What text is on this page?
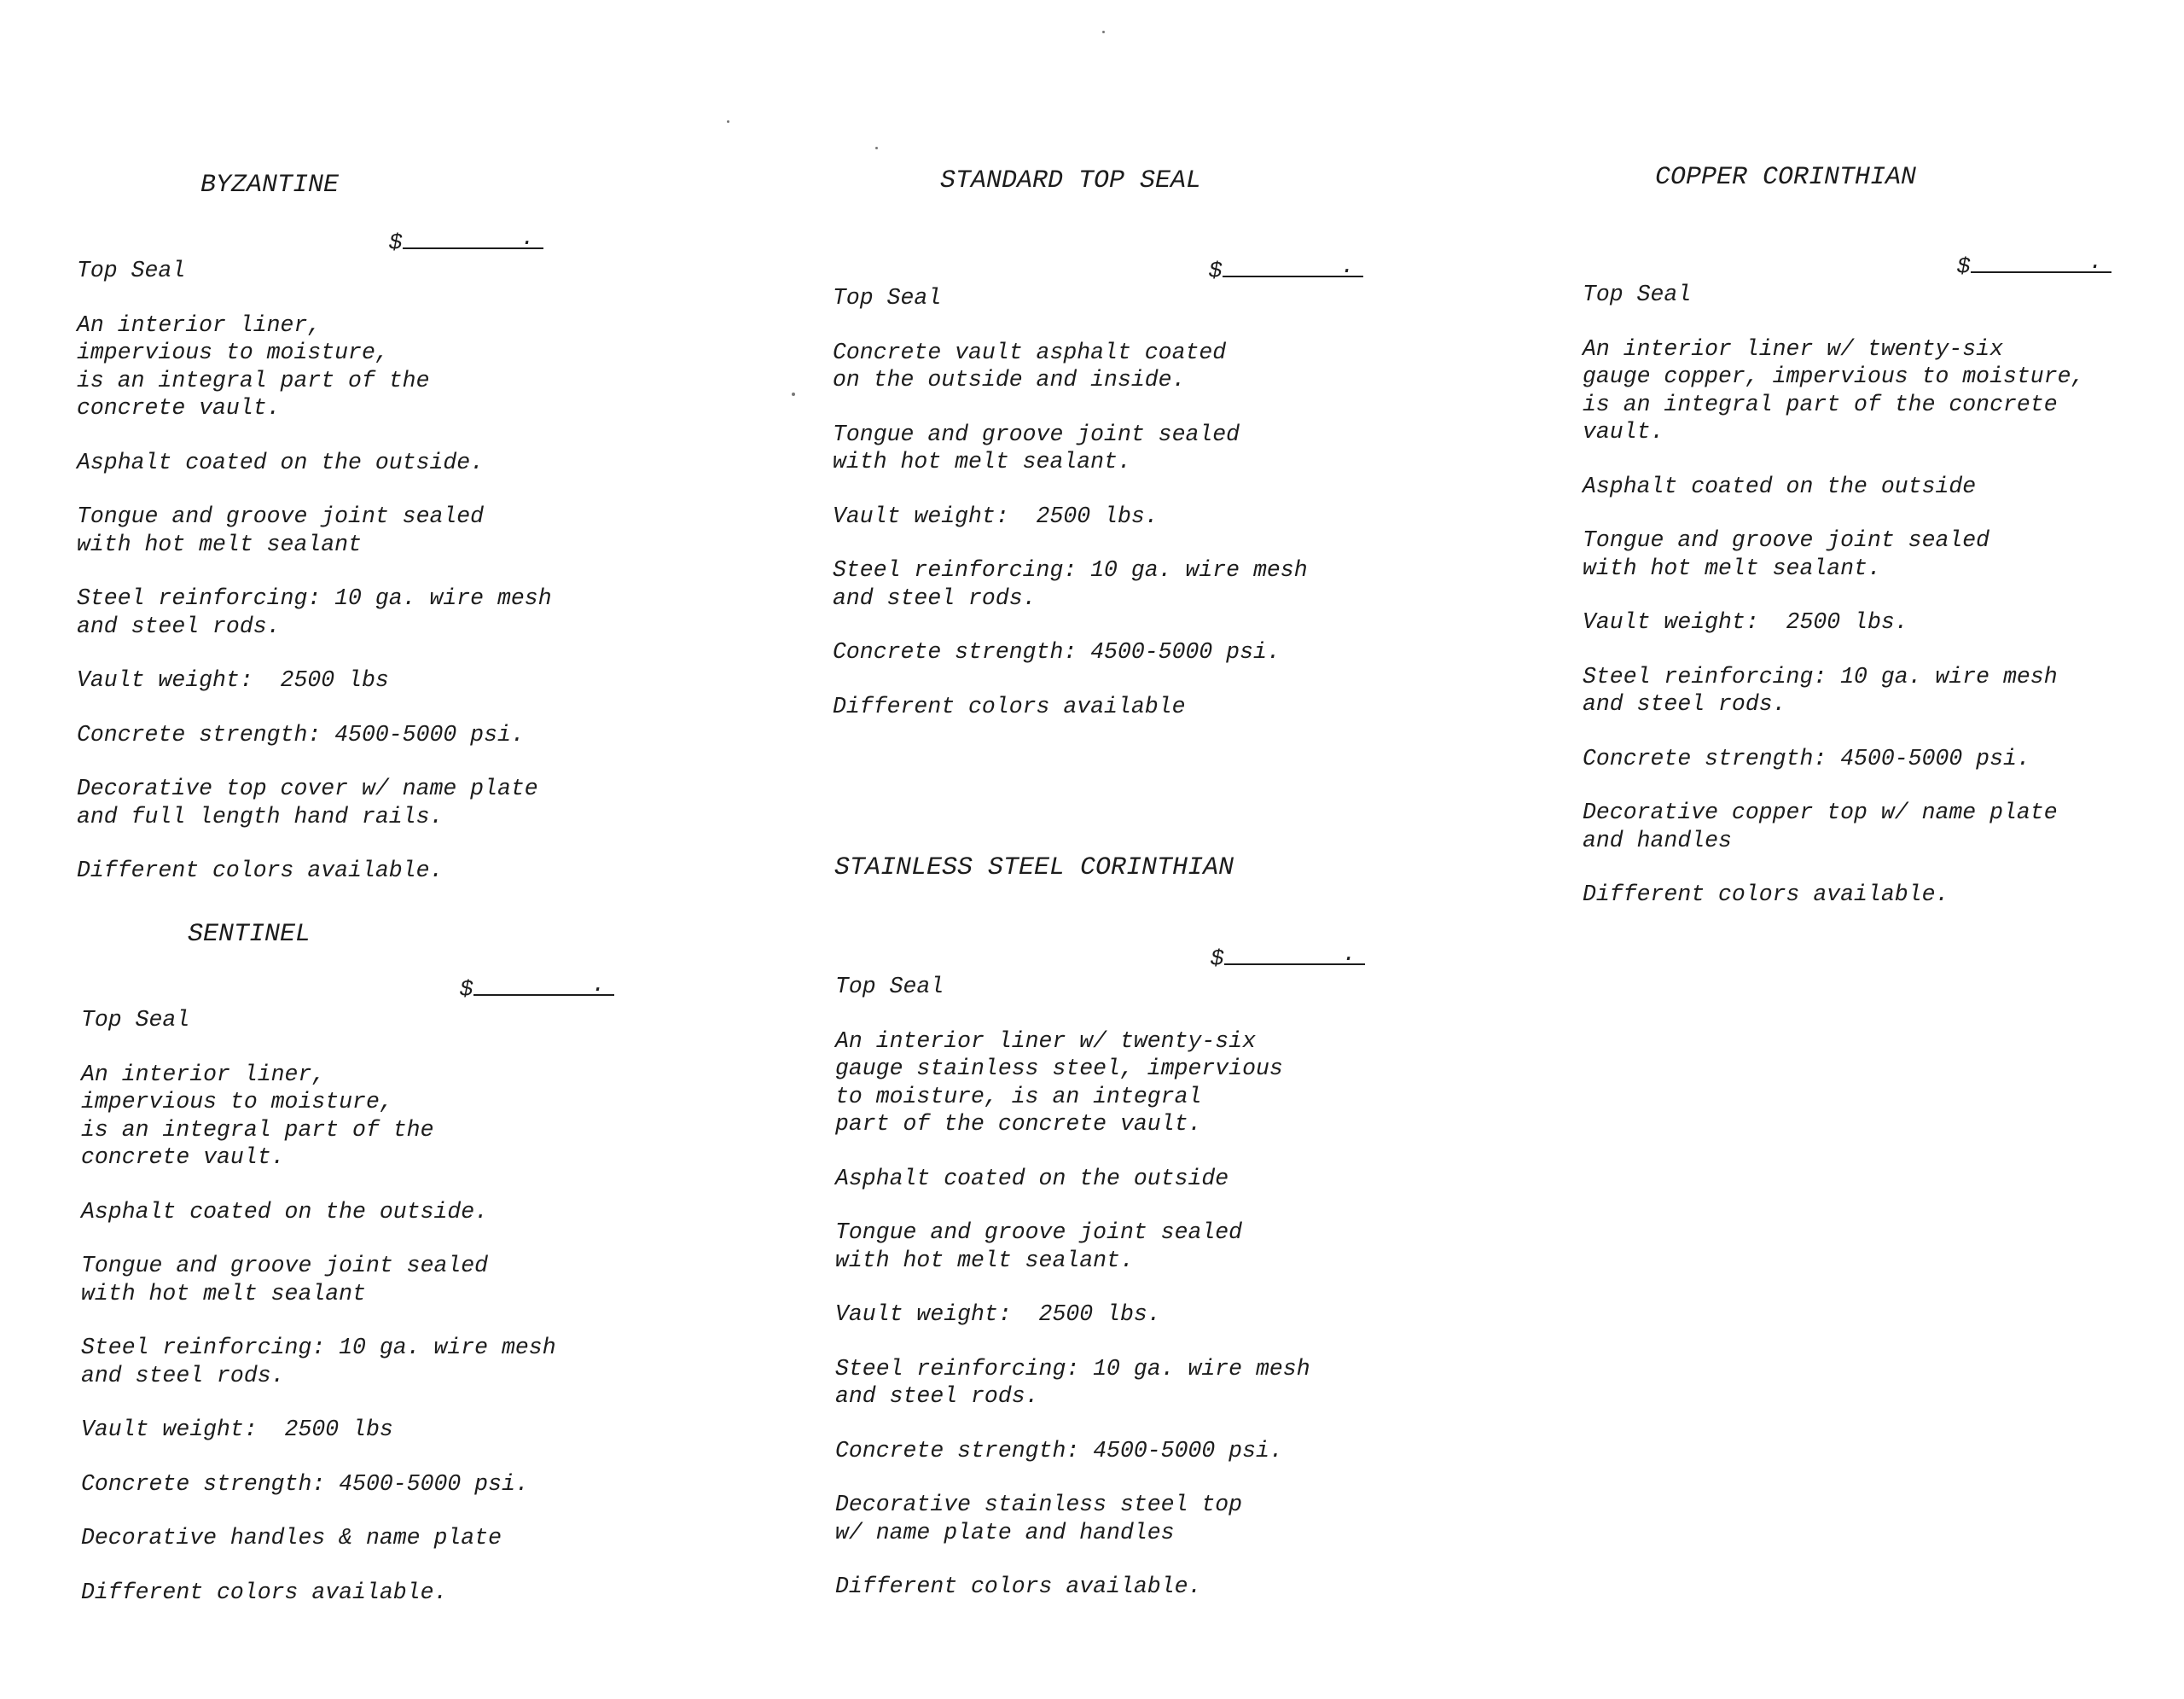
BYZANTINE

$	.

Top Seal
An interior liner,
impervious to moisture,
is an integral part of the
concrete vault.
Asphalt coated on the outside.
Tongue and groove joint sealed
with hot melt sealant
Steel reinforcing: 10 ga. wire mesh
and steel rods.
Vault weight:  2500 lbs
Concrete strength: 4500-5000 psi.
Decorative top cover w/ name plate
and full length hand rails.
Different colors available.
SENTINEL

$	.

Top Seal
An interior liner,
impervious to moisture,
is an integral part of the
concrete vault.
Asphalt coated on the outside.
Tongue and groove joint sealed
with hot melt sealant
Steel reinforcing: 10 ga. wire mesh
and steel rods.
Vault weight:  2500 lbs
Concrete strength: 4500-5000 psi.
Decorative handles & name plate
Different colors available.
STANDARD TOP SEAL

$	.

Top Seal
Concrete vault asphalt coated
on the outside and inside.
Tongue and groove joint sealed
with hot melt sealant.
Vault weight:  2500 lbs.
Steel reinforcing: 10 ga. wire mesh
and steel rods.
Concrete strength: 4500-5000 psi.
Different colors available
STAINLESS STEEL CORINTHIAN

$	.

Top Seal
An interior liner w/ twenty-six
gauge stainless steel, impervious
to moisture, is an integral
part of the concrete vault.
Asphalt coated on the outside
Tongue and groove joint sealed
with hot melt sealant.
Vault weight:  2500 lbs.
Steel reinforcing: 10 ga. wire mesh
and steel rods.
Concrete strength: 4500-5000 psi.
Decorative stainless steel top
w/ name plate and handles
Different colors available.
COPPER CORINTHIAN

$	.

Top Seal
An interior liner w/ twenty-six
gauge copper, impervious to moisture,
is an integral part of the concrete
vault.
Asphalt coated on the outside
Tongue and groove joint sealed
with hot melt sealant.
Vault weight:  2500 lbs.
Steel reinforcing: 10 ga. wire mesh
and steel rods.
Concrete strength: 4500-5000 psi.
Decorative copper top w/ name plate
and handles
Different colors available.
